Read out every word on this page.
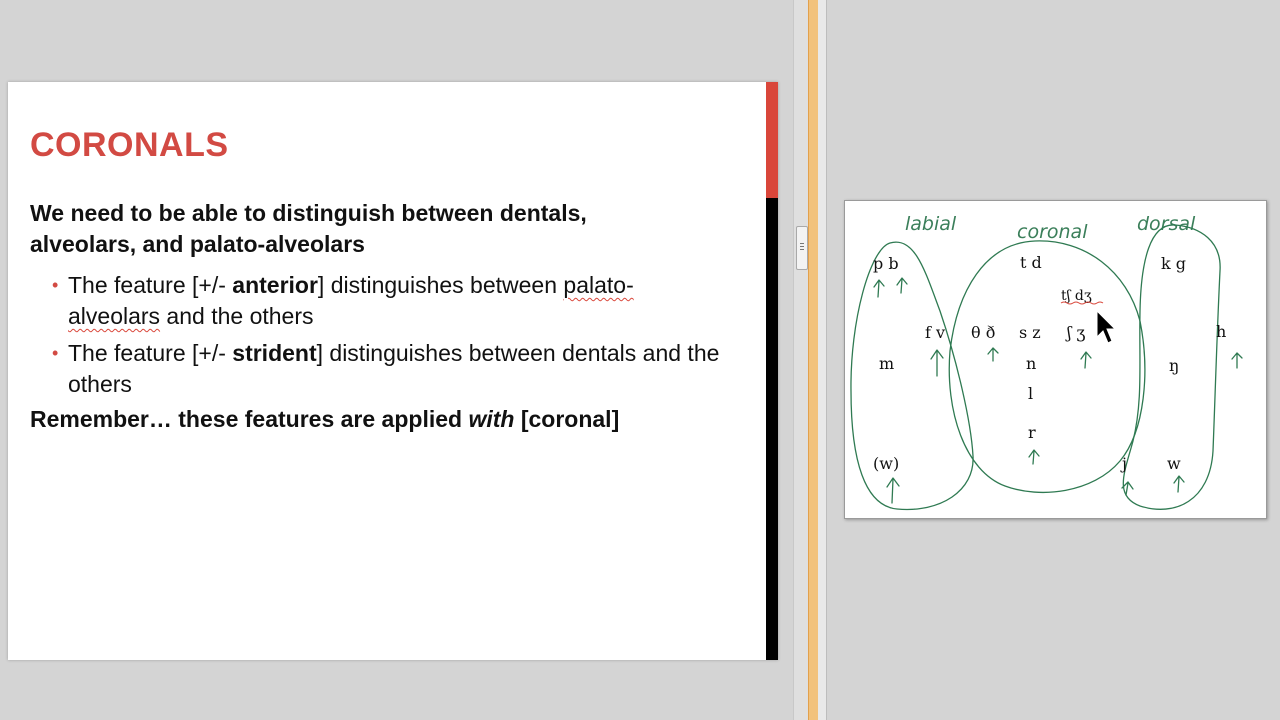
CORONALS
We need to be able to distinguish between dentals,
alveolars, and palato-alveolars
• The feature [+/- anterior] distinguishes between palato-
alveolars and the others
• The feature [+/- strident] distinguishes between dentals and the others
Remember… these features are applied with [coronal]
labial	coronal	dorsal
p b	t d	k g
tʃ dʒ
f v θ ð s z ʃ ʒ	h
m	n	ŋ
l
r
(w)	j	w
